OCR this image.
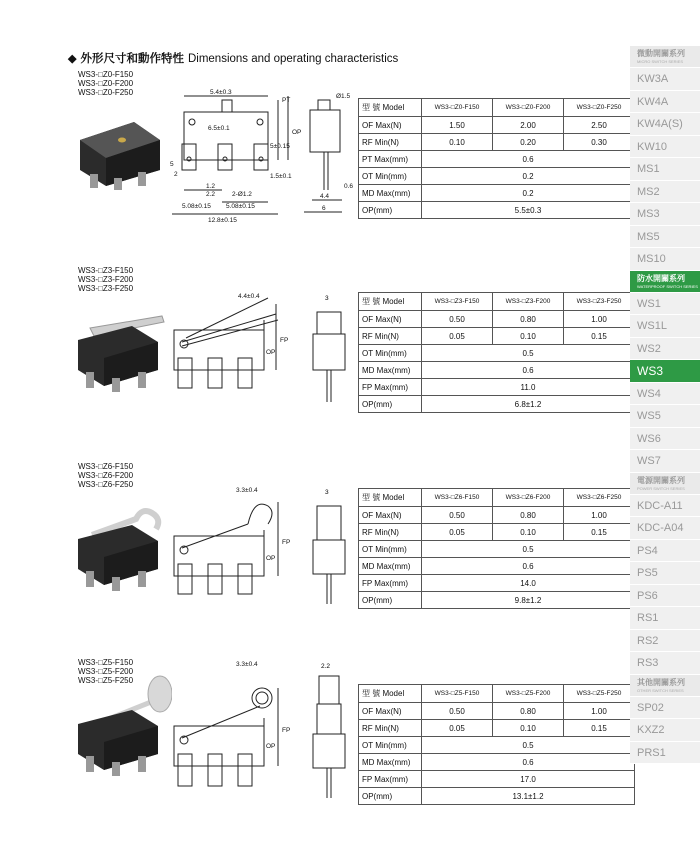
◆ 外形尺寸和動作特性 Dimensions and operating characteristics
WS3-□Z0-F150
WS3-□Z0-F200
WS3-□Z0-F250	5.4±0.3
6.5±0.1
1.2
2.2	2-Ø1.2
5.08±0.15 5.08±0.15
12.8±0.15
5
2
PT
OP
5±0.15
1.5±0.1
Ø1.5
4.4
6
0.6
型 號 Model	WS3-□Z0-F150	WS3-□Z0-F200	WS3-□Z0-F250
OF Max(N)	1.50	2.00	2.50
RF Min(N)	0.10	0.20	0.30
PT Max(mm)	0.6		
OT Min(mm)	0.2		
MD Max(mm)	0.2		
OP(mm)	5.5±0.3		
WS3-□Z3-F150
WS3-□Z3-F200
WS3-□Z3-F250
4.4±0.4
OP
FP
3	型 號 Model	WS3-□Z3-F150	WS3-□Z3-F200	WS3-□Z3-F250
OF Max(N)	0.50	0.80	1.00
RF Min(N)	0.05	0.10	0.15
OT Min(mm)	0.5		
MD Max(mm)	0.6		
FP Max(mm)	11.0		
OP(mm)	6.8±1.2		
WS3-□Z6-F150
WS3-□Z6-F200
WS3-□Z6-F250
3.3±0.4
OP
FP
3
型 號 Model	WS3-□Z6-F150	WS3-□Z6-F200	WS3-□Z6-F250
OF Max(N)	0.50	0.80	1.00
RF Min(N)	0.05	0.10	0.15
OT Min(mm)	0.5		
MD Max(mm)	0.6		
FP Max(mm)	14.0		
OP(mm)	9.8±1.2		
WS3-□Z5-F150
WS3-□Z5-F200
WS3-□Z5-F250
3.3±0.4
OP
FP
2.2
型 號 Model	WS3-□Z5-F150	WS3-□Z5-F200	WS3-□Z5-F250
OF Max(N)	0.50	0.80	1.00
RF Min(N)	0.05	0.10	0.15
OT Min(mm)	0.5		
MD Max(mm)	0.6		
FP Max(mm)	17.0		
OP(mm)	13.1±1.2		
微動開關系列
MICRO SWITCH SERIES
KW3A
KW4A
KW4A(S)
KW10
MS1
MS2
MS3
MS5
MS10
防水開關系列
WATERPROOF SWITCH SERIES
WS1
WS1L
WS2
WS3
WS4
WS5
WS6
WS7
電源開關系列
POWER SWITCH SERIES
KDC-A11
KDC-A04
PS4
PS5
PS6
RS1
RS2
RS3
其他開關系列
OTHER SWITCH SERIES
SP02
KXZ2
PRS1
